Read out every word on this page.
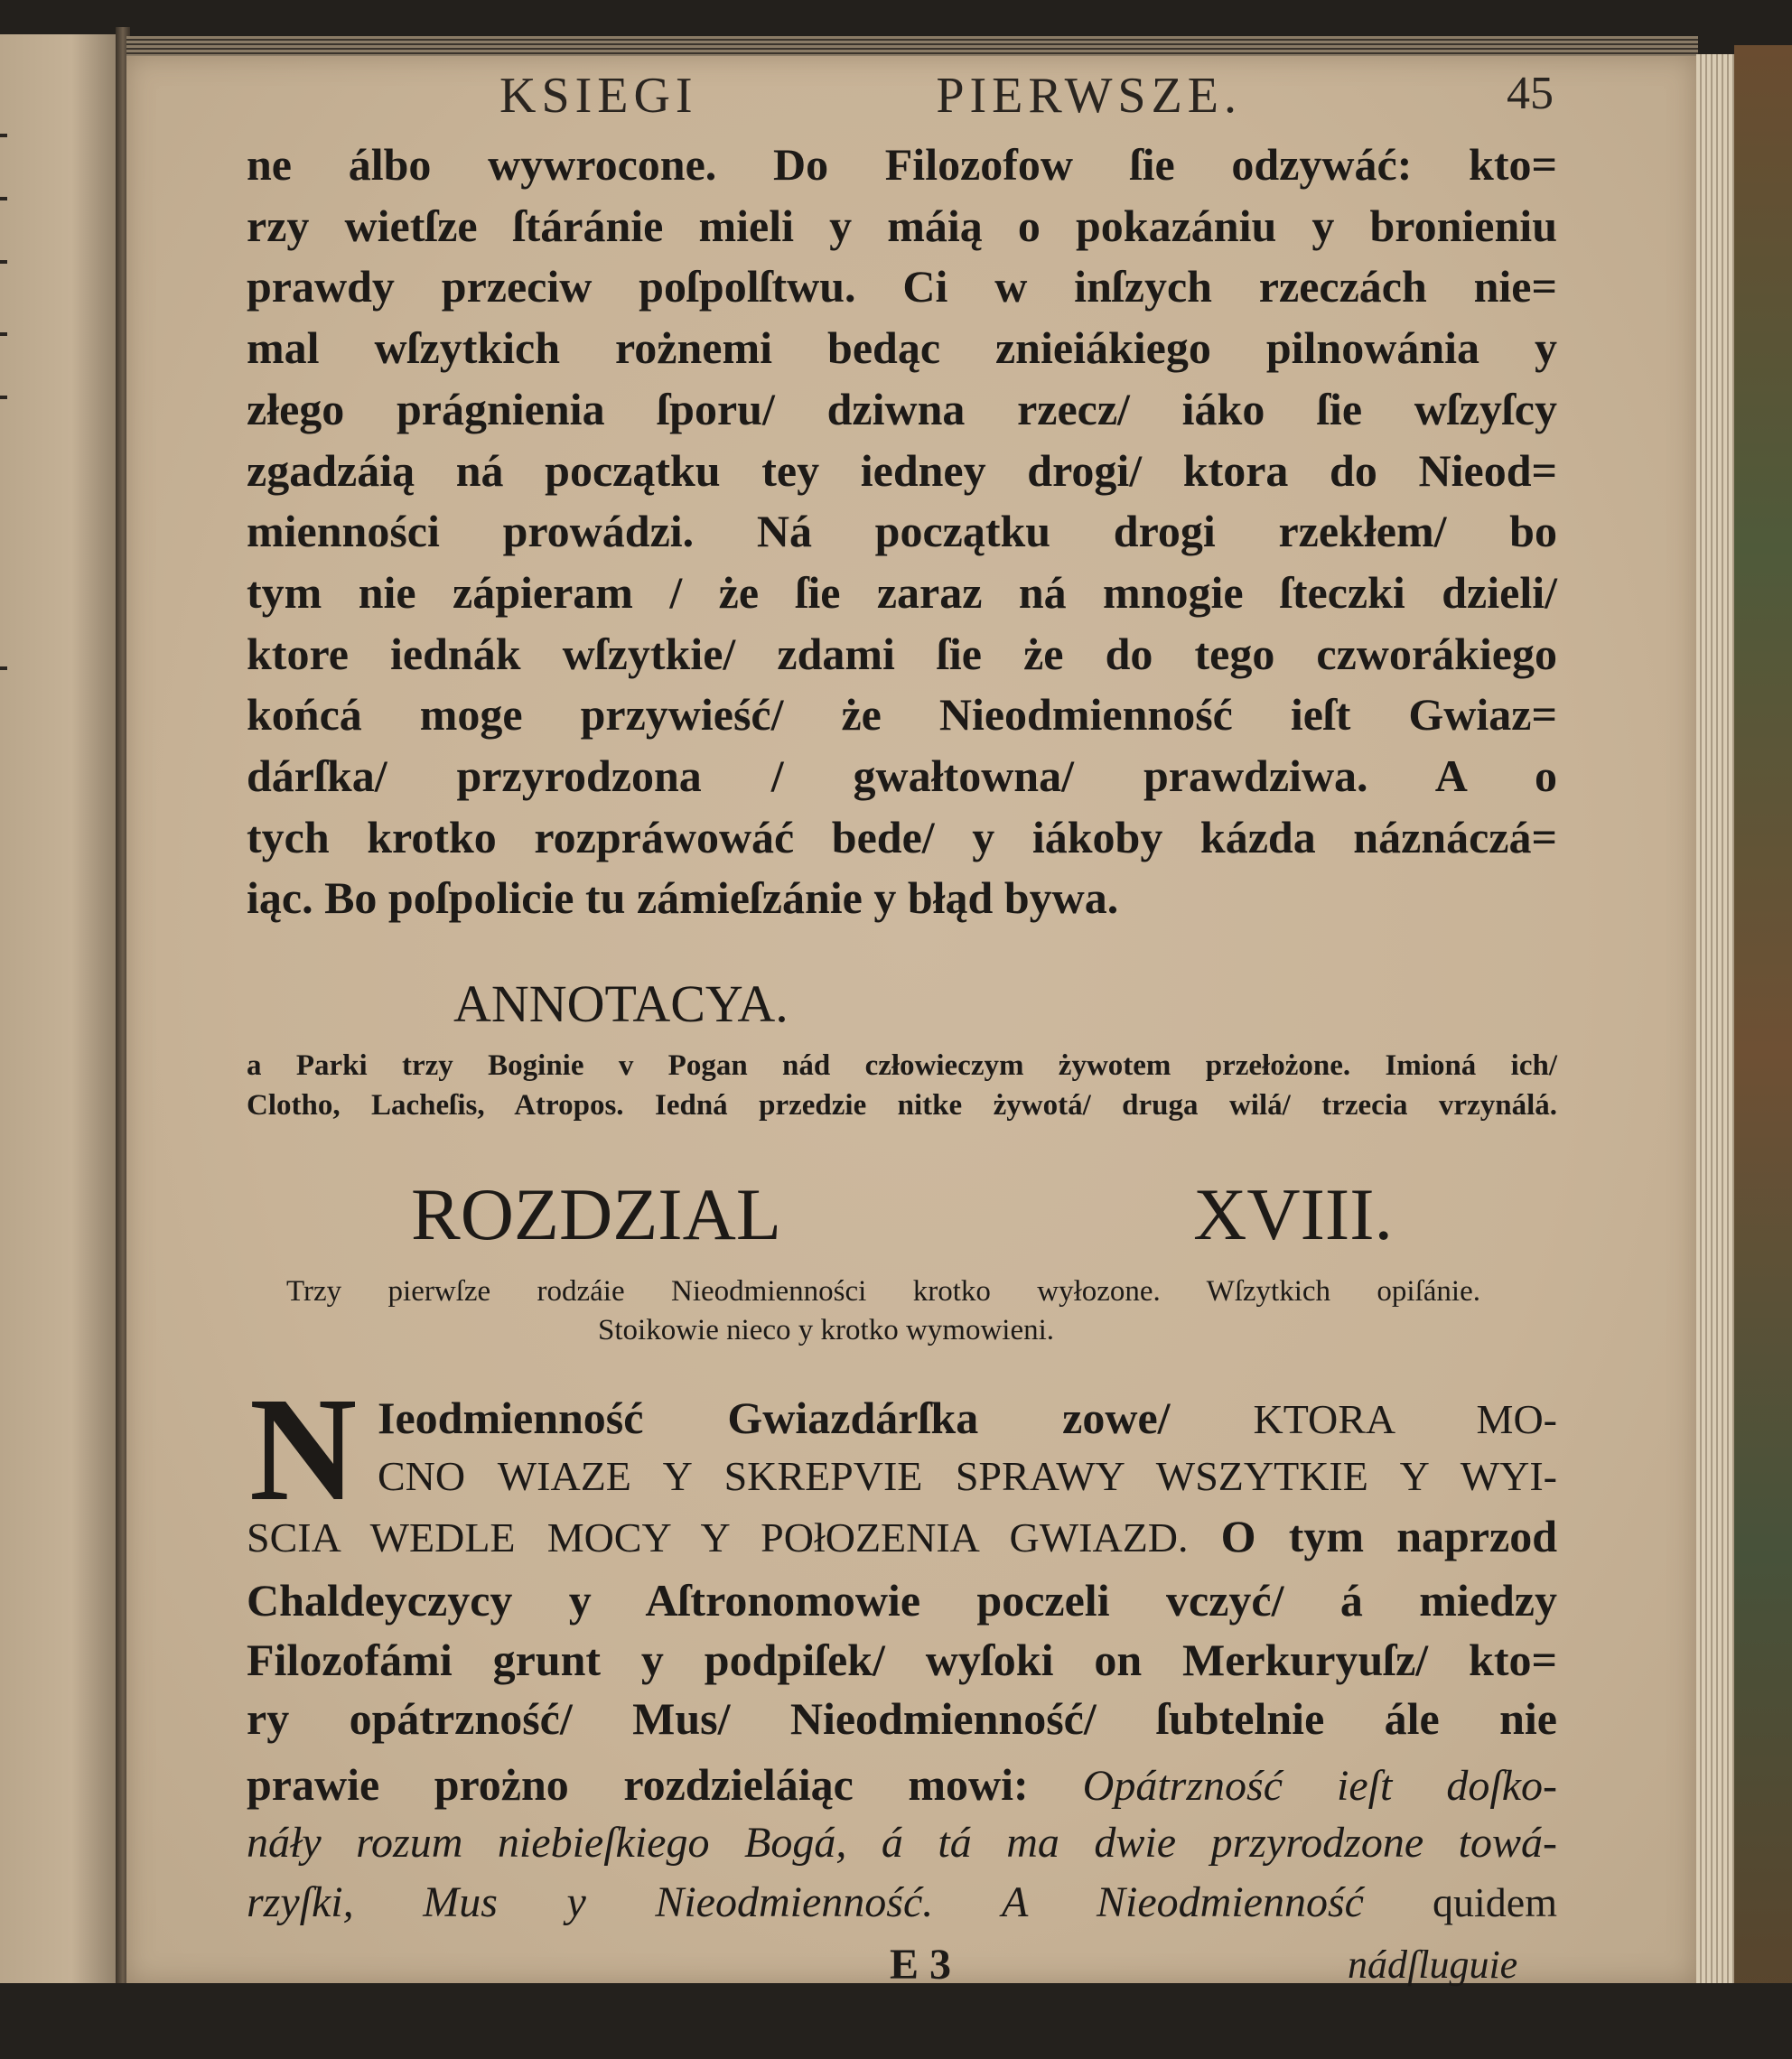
KSIEGI PIERWSZE.	45
ne álbo wywrocone. Do Filozofow ſie odzywáć: kto=
rzy wietſze ſtáránie mieli y máią o pokazániu y bronieniu
prawdy przeciw poſpolſtwu. Ci w inſzych rzeczách nie=
mal wſzytkich rożnemi bedąc znieiákiego pilnowánia y
złego prágnienia ſporu/ dziwna rzecz/ iáko ſie wſzyſcy
zgadzáią ná początku tey iedney drogi/ ktora do Nieod=
mienności prowádzi. Ná początku drogi rzekłem/ bo
tym nie zápieram / że ſie zaraz ná mnogie ſteczki dzieli/
ktore iednák wſzytkie/ zdami ſie że do tego czworákiego
końcá moge przywieść/ że Nieodmienność ieſt Gwiaz=
dárſka/ przyrodzona / gwałtowna/ prawdziwa. A o
tych krotko rozpráwowáć bede/ y iákoby kázda náznáczá=
iąc. Bo poſpolicie tu zámieſzánie y błąd bywa.
ANNOTACYA.
a Parki trzy Boginie v Pogan nád człowieczym żywotem przełożone. Imioná ich/
Clotho, Lacheſis, Atropos. Iedná przedzie nitke żywotá/ druga wilá/ trzecia vrzynálá.
ROZDZIAL XVIII.
Trzy pierwſze rodzáie Nieodmienności krotko wyłozone. Wſzytkich opiſánie.
Stoikowie nieco y krotko wymowieni.
N Ieodmienność Gwiazdárſka zowe/ KTORA MO-
CNO WIAZE Y SKREPVIE SPRAWY WSZYTKIE Y WYI-
SCIA WEDLE MOCY Y POłOZENIA GWIAZD. O tym naprzod
Chaldeyczycy y Aſtronomowie poczeli vczyć/ á miedzy
Filozofámi grunt y podpiſek/ wyſoki on Merkuryuſz/ kto=
ry opátrzność/ Mus/ Nieodmienność/ ſubtelnie ále nie
prawie prożno rozdzieláiąc mowi: Opátrzność ieſt doſko-
náły rozum niebieſkiego Bogá, á tá ma dwie przyrodzone towá-
rzyſki, Mus y Nieodmienność. A Nieodmienność quidem
E 3	nádſluguie
